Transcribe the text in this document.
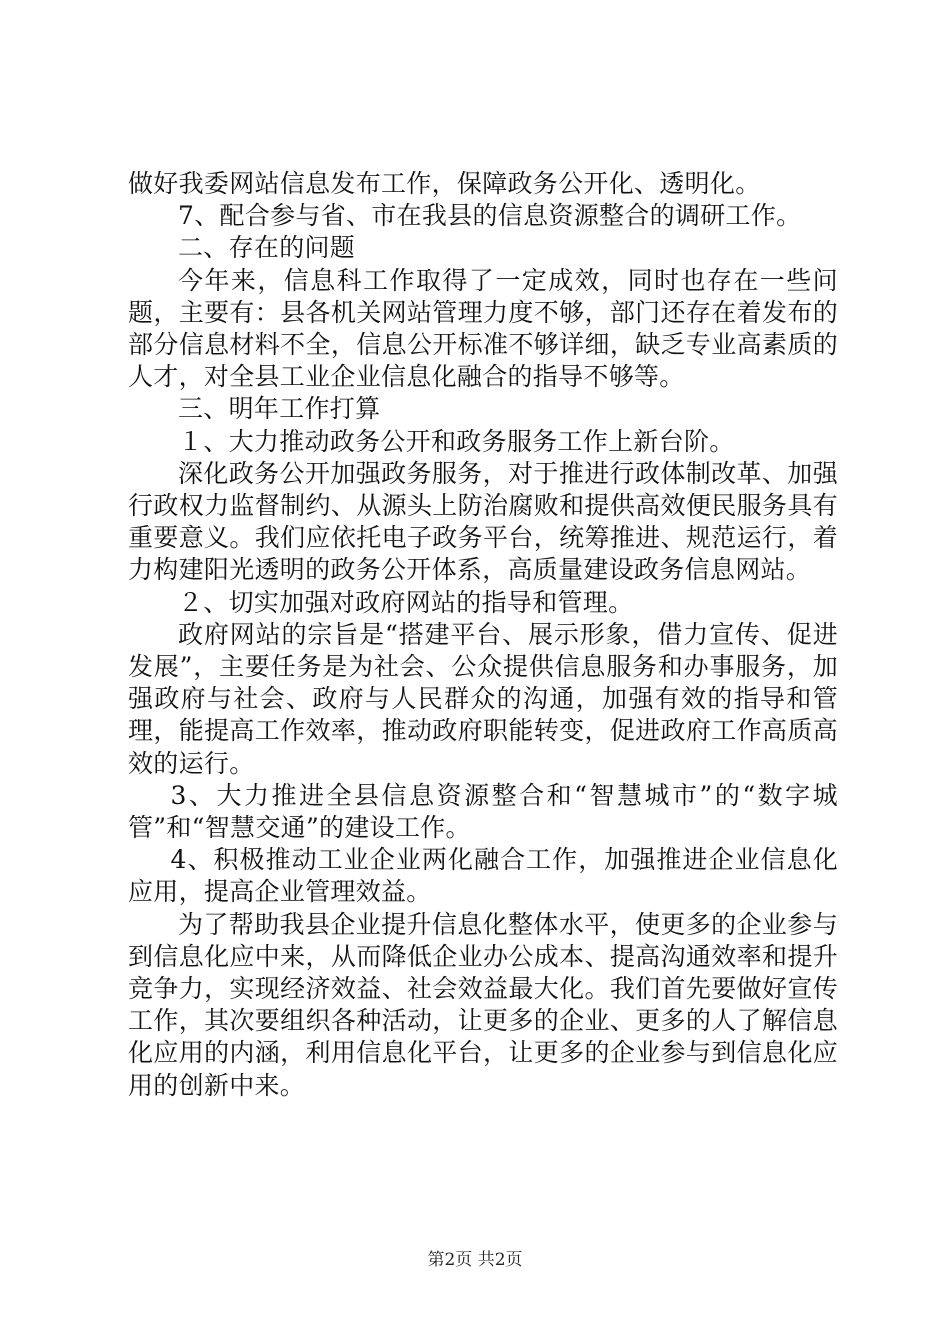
做好我委网站信息发布工作，保障政务公开化、透明化。

7、配合参与省、市在我县的信息资源整合的调研工作。

二、存在的问题

今年来，信息科工作取得了一定成效，同时也存在一些问题，主要有：县各机关网站管理力度不够，部门还存在着发布的部分信息材料不全，信息公开标准不够详细，缺乏专业高素质的人才，对全县工业企业信息化融合的指导不够等。

三、明年工作打算

１、大力推动政务公开和政务服务工作上新台阶。

深化政务公开加强政务服务，对于推进行政体制改革、加强行政权力监督制约、从源头上防治腐败和提供高效便民服务具有重要意义。我们应依托电子政务平台，统筹推进、规范运行，着力构建阳光透明的政务公开体系，高质量建设政务信息网站。

２、切实加强对政府网站的指导和管理。

政府网站的宗旨是“搭建平台、展示形象，借力宣传、促进发展”，主要任务是为社会、公众提供信息服务和办事服务，加强政府与社会、政府与人民群众的沟通，加强有效的指导和管理，能提高工作效率，推动政府职能转变，促进政府工作高质高效的运行。

3、大力推进全县信息资源整合和“智慧城市”的“数字城管”和“智慧交通”的建设工作。

4、积极推动工业企业两化融合工作，加强推进企业信息化应用，提高企业管理效益。

为了帮助我县企业提升信息化整体水平，使更多的企业参与到信息化应中来，从而降低企业办公成本、提高沟通效率和提升竞争力，实现经济效益、社会效益最大化。我们首先要做好宣传工作，其次要组织各种活动，让更多的企业、更多的人了解信息化应用的内涵，利用信息化平台，让更多的企业参与到信息化应用的创新中来。

第2页 共2页
